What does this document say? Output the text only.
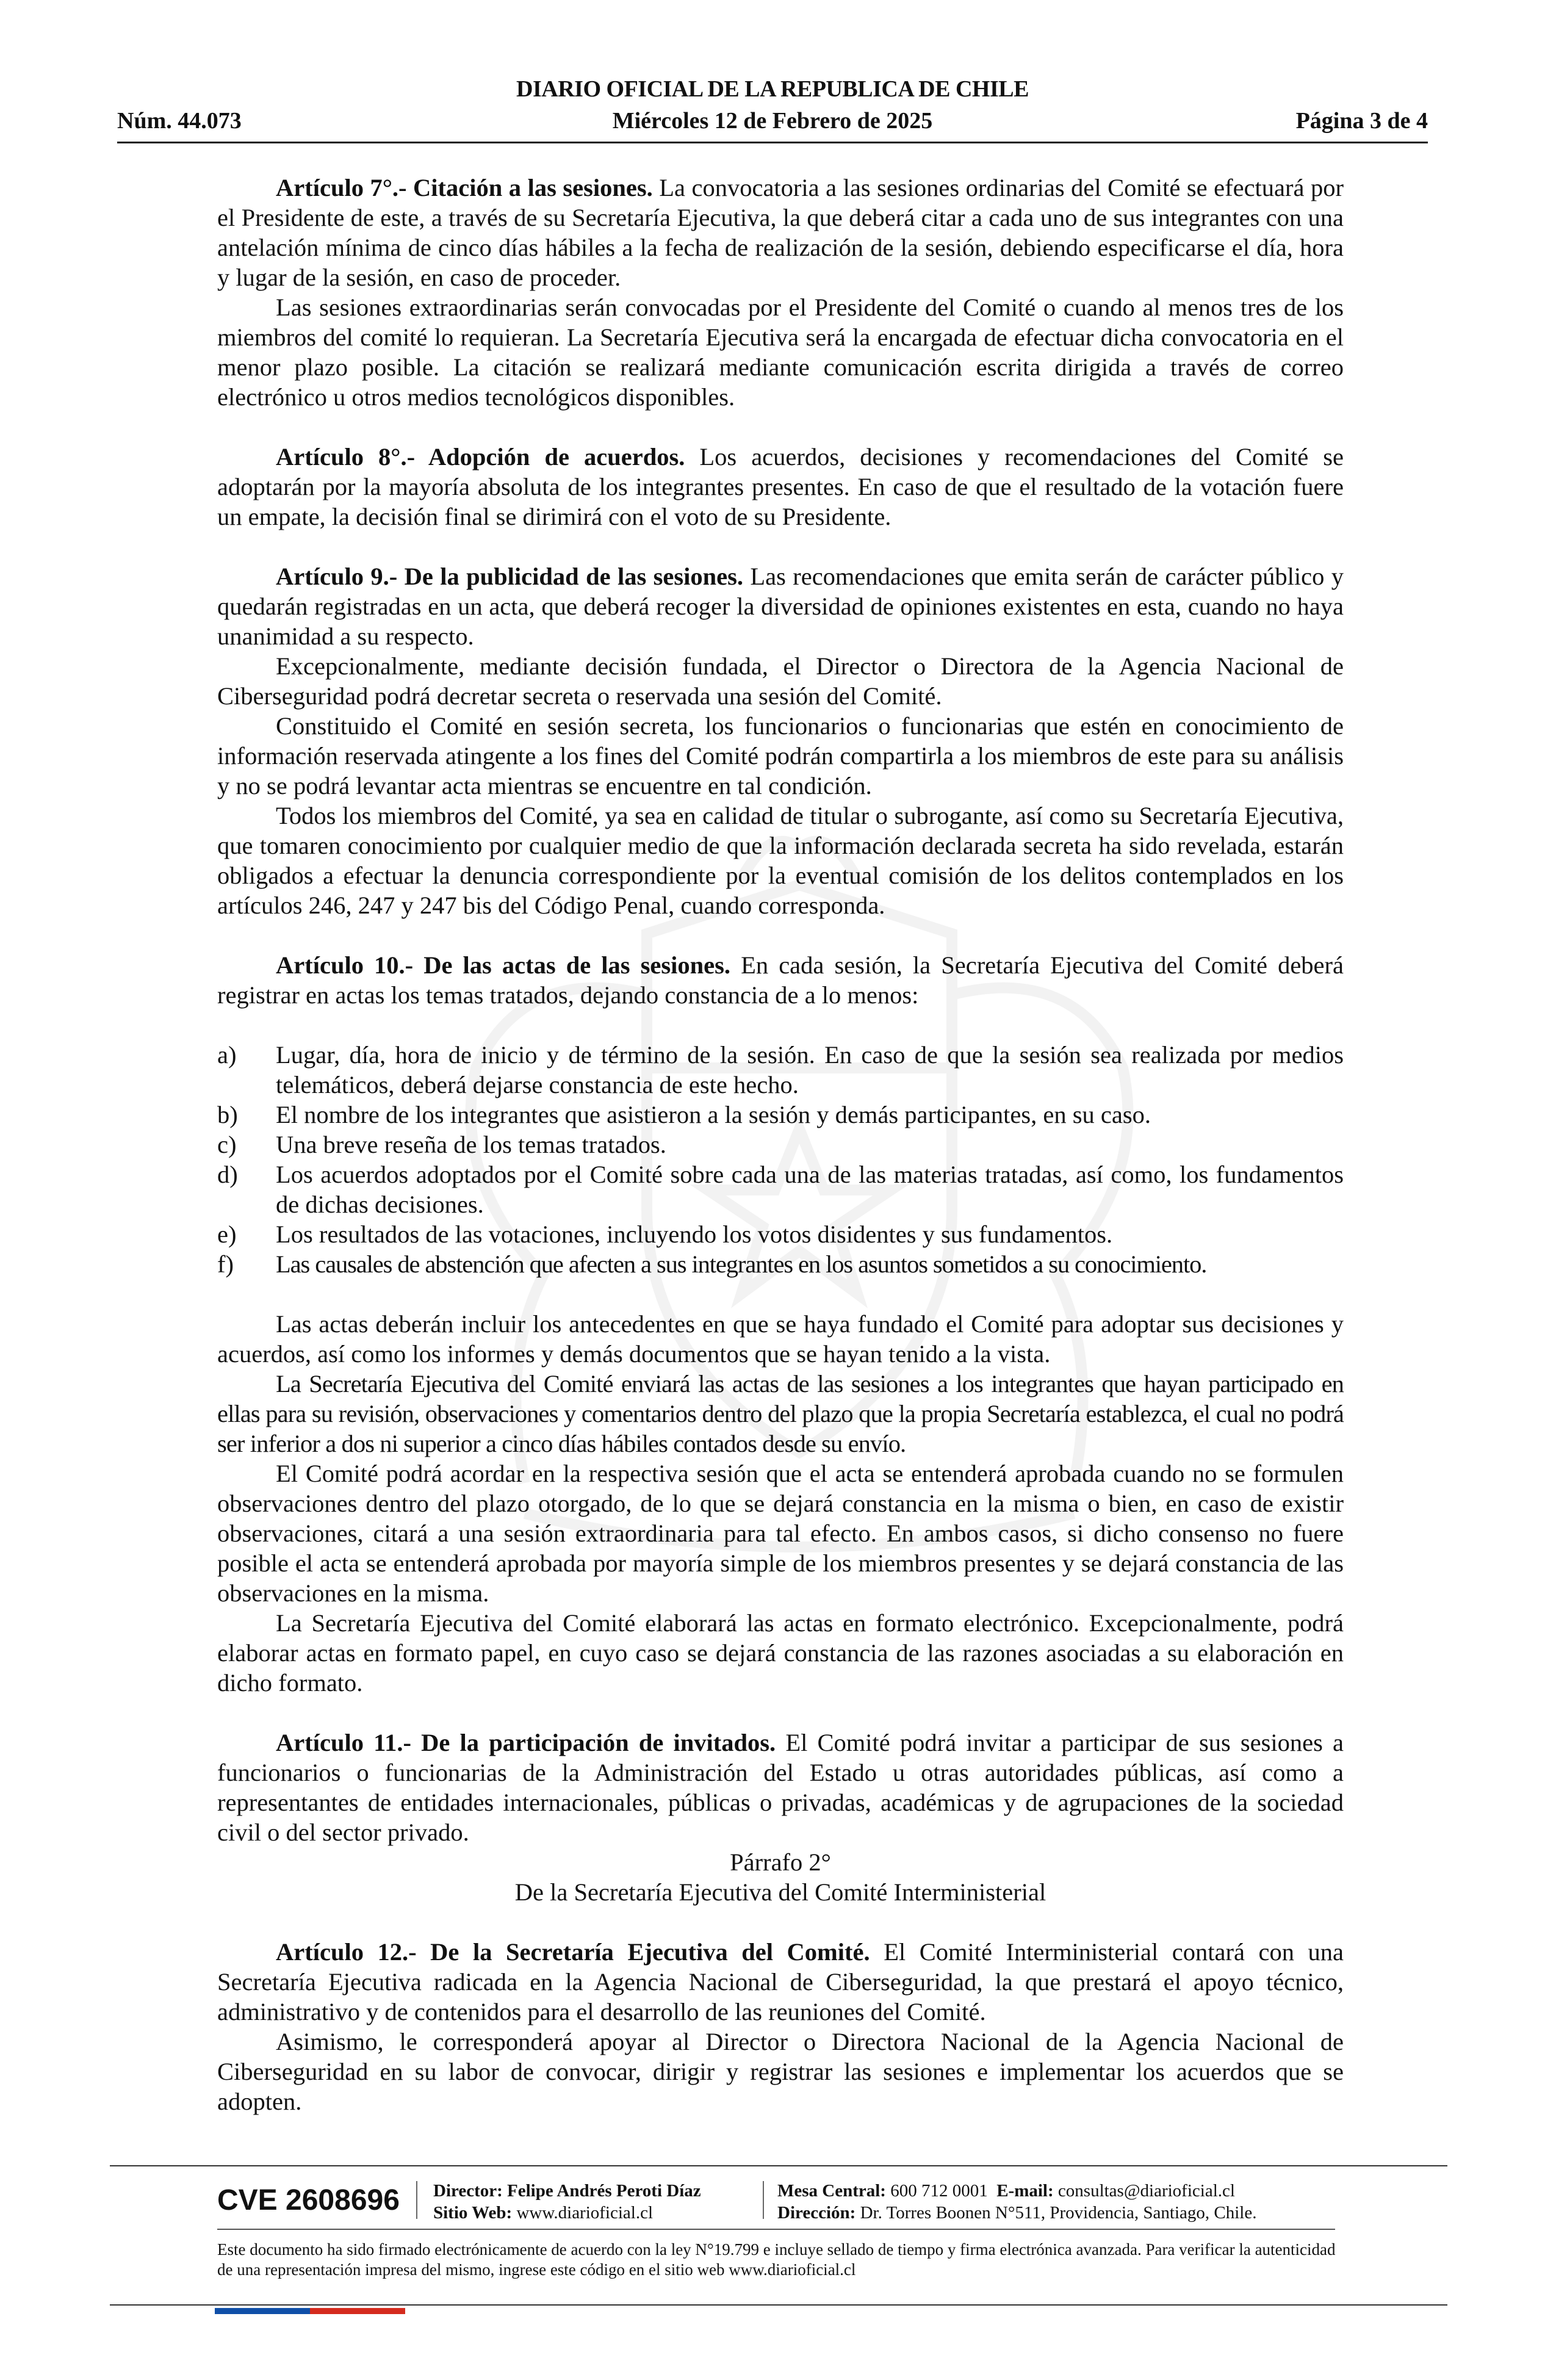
DIARIO OFICIAL DE LA REPUBLICA DE CHILE
Núm. 44.073	Miércoles 12 de Febrero de 2025	Página 3 de 4

Artículo 7°.- Citación a las sesiones. La convocatoria a las sesiones ordinarias del Comité se efectuará por el Presidente de este, a través de su Secretaría Ejecutiva, la que deberá citar a cada uno de sus integrantes con una antelación mínima de cinco días hábiles a la fecha de realización de la sesión, debiendo especificarse el día, hora y lugar de la sesión, en caso de proceder.

Las sesiones extraordinarias serán convocadas por el Presidente del Comité o cuando al menos tres de los miembros del comité lo requieran. La Secretaría Ejecutiva será la encargada de efectuar dicha convocatoria en el menor plazo posible. La citación se realizará mediante comunicación escrita dirigida a través de correo electrónico u otros medios tecnológicos disponibles.

Artículo 8°.- Adopción de acuerdos. Los acuerdos, decisiones y recomendaciones del Comité se adoptarán por la mayoría absoluta de los integrantes presentes. En caso de que el resultado de la votación fuere un empate, la decisión final se dirimirá con el voto de su Presidente.

Artículo 9.- De la publicidad de las sesiones. Las recomendaciones que emita serán de carácter público y quedarán registradas en un acta, que deberá recoger la diversidad de opiniones existentes en esta, cuando no haya unanimidad a su respecto.

Excepcionalmente, mediante decisión fundada, el Director o Directora de la Agencia Nacional de Ciberseguridad podrá decretar secreta o reservada una sesión del Comité.

Constituido el Comité en sesión secreta, los funcionarios o funcionarias que estén en conocimiento de información reservada atingente a los fines del Comité podrán compartirla a los miembros de este para su análisis y no se podrá levantar acta mientras se encuentre en tal condición.

Todos los miembros del Comité, ya sea en calidad de titular o subrogante, así como su Secretaría Ejecutiva, que tomaren conocimiento por cualquier medio de que la información declarada secreta ha sido revelada, estarán obligados a efectuar la denuncia correspondiente por la eventual comisión de los delitos contemplados en los artículos 246, 247 y 247 bis del Código Penal, cuando corresponda.

Artículo 10.- De las actas de las sesiones. En cada sesión, la Secretaría Ejecutiva del Comité deberá registrar en actas los temas tratados, dejando constancia de a lo menos:

a) Lugar, día, hora de inicio y de término de la sesión. En caso de que la sesión sea realizada por medios telemáticos, deberá dejarse constancia de este hecho.
b) El nombre de los integrantes que asistieron a la sesión y demás participantes, en su caso.
c) Una breve reseña de los temas tratados.
d) Los acuerdos adoptados por el Comité sobre cada una de las materias tratadas, así como, los fundamentos de dichas decisiones.
e) Los resultados de las votaciones, incluyendo los votos disidentes y sus fundamentos.
f) Las causales de abstención que afecten a sus integrantes en los asuntos sometidos a su conocimiento.

Las actas deberán incluir los antecedentes en que se haya fundado el Comité para adoptar sus decisiones y acuerdos, así como los informes y demás documentos que se hayan tenido a la vista.

La Secretaría Ejecutiva del Comité enviará las actas de las sesiones a los integrantes que hayan participado en ellas para su revisión, observaciones y comentarios dentro del plazo que la propia Secretaría establezca, el cual no podrá ser inferior a dos ni superior a cinco días hábiles contados desde su envío.

El Comité podrá acordar en la respectiva sesión que el acta se entenderá aprobada cuando no se formulen observaciones dentro del plazo otorgado, de lo que se dejará constancia en la misma o bien, en caso de existir observaciones, citará a una sesión extraordinaria para tal efecto. En ambos casos, si dicho consenso no fuere posible el acta se entenderá aprobada por mayoría simple de los miembros presentes y se dejará constancia de las observaciones en la misma.

La Secretaría Ejecutiva del Comité elaborará las actas en formato electrónico. Excepcionalmente, podrá elaborar actas en formato papel, en cuyo caso se dejará constancia de las razones asociadas a su elaboración en dicho formato.

Artículo 11.- De la participación de invitados. El Comité podrá invitar a participar de sus sesiones a funcionarios o funcionarias de la Administración del Estado u otras autoridades públicas, así como a representantes de entidades internacionales, públicas o privadas, académicas y de agrupaciones de la sociedad civil o del sector privado.

Párrafo 2°

De la Secretaría Ejecutiva del Comité Interministerial

Artículo 12.- De la Secretaría Ejecutiva del Comité. El Comité Interministerial contará con una Secretaría Ejecutiva radicada en la Agencia Nacional de Ciberseguridad, la que prestará el apoyo técnico, administrativo y de contenidos para el desarrollo de las reuniones del Comité.

Asimismo, le corresponderá apoyar al Director o Directora Nacional de la Agencia Nacional de Ciberseguridad en su labor de convocar, dirigir y registrar las sesiones e implementar los acuerdos que se adopten.

CVE 2608696 Director: Felipe Andrés Peroti Díaz
Sitio Web: www.diarioficial.cl
Mesa Central: 600 712 0001 E-mail: consultas@diarioficial.cl
Dirección: Dr. Torres Boonen N°511, Providencia, Santiago, Chile.
Este documento ha sido firmado electrónicamente de acuerdo con la ley N°19.799 e incluye sellado de tiempo y firma electrónica avanzada. Para verificar la autenticidad de una representación impresa del mismo, ingrese este código en el sitio web www.diarioficial.cl
